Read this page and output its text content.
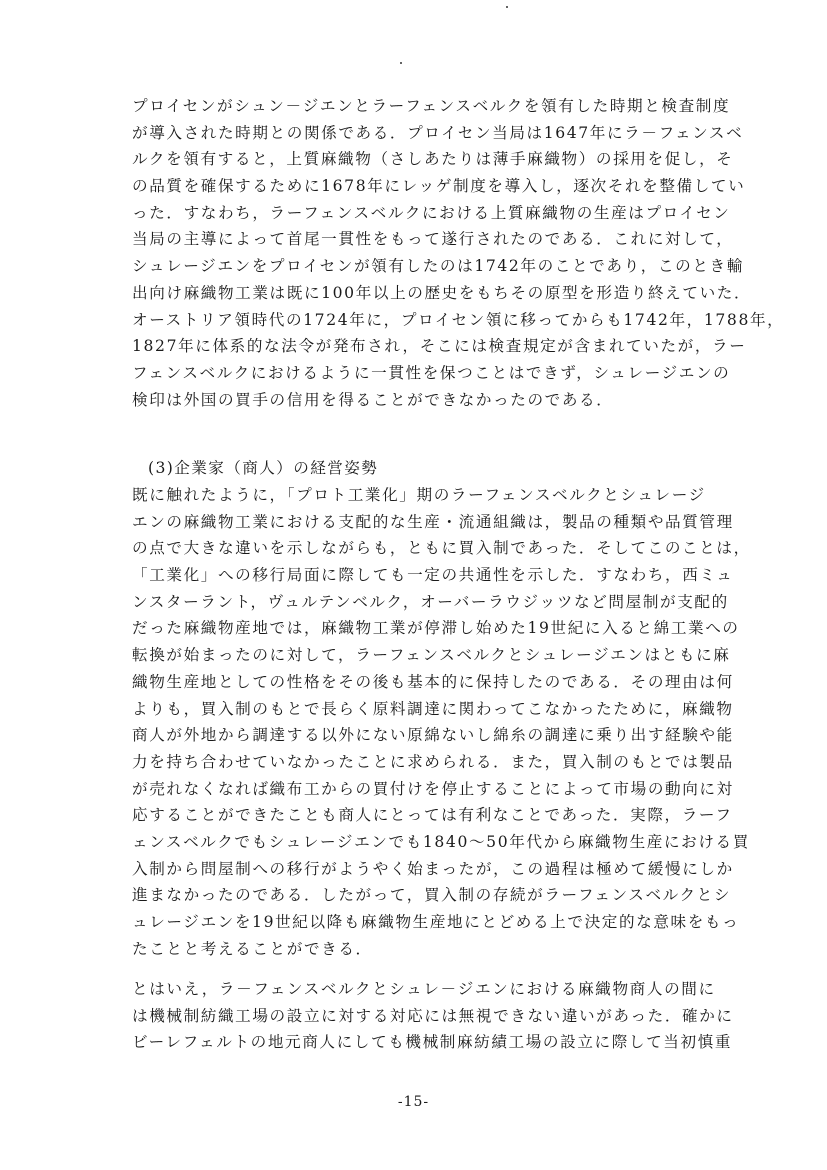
プロイセンがシュン－ジエンとラーフェンスベルクを領有した時期と検査制度
が導入された時期との関係である．プロイセン当局は1647年にラ－フェンスベ
ルクを領有すると，上質麻織物（さしあたりは薄手麻織物）の採用を促し，そ
の品質を確保するために1678年にレッゲ制度を導入し，逐次それを整備してい
った．すなわち，ラーフェンスベルクにおける上質麻織物の生産はプロイセン
当局の主導によって首尾一貫性をもって遂行されたのである．これに対して，
シュレージエンをプロイセンが領有したのは1742年のことであり，このとき輸
出向け麻織物工業は既に100年以上の歴史をもちその原型を形造り終えていた．
オーストリア領時代の1724年に，プロイセン領に移ってからも1742年，1788年，
1827年に体系的な法令が発布され，そこには検査規定が含まれていたが，ラー
フェンスベルクにおけるように一貫性を保つことはできず，シュレージエンの
検印は外国の買手の信用を得ることができなかったのである．
(3)企業家（商人）の経営姿勢
既に触れたように，「プロト工業化」期のラーフェンスベルクとシュレージ
エンの麻織物工業における支配的な生産・流通組織は，製品の種類や品質管理
の点で大きな違いを示しながらも，ともに買入制であった．そしてこのことは，
「工業化」への移行局面に際しても一定の共通性を示した．すなわち，西ミュ
ンスターラント，ヴュルテンベルク，オーバーラウジッツなど問屋制が支配的
だった麻織物産地では，麻織物工業が停滞し始めた19世紀に入ると綿工業への
転換が始まったのに対して，ラーフェンスベルクとシュレージエンはともに麻
織物生産地としての性格をその後も基本的に保持したのである．その理由は何
よりも，買入制のもとで長らく原料調達に関わってこなかったために，麻織物
商人が外地から調達する以外にない原綿ないし綿糸の調達に乗り出す経験や能
力を持ち合わせていなかったことに求められる．また，買入制のもとでは製品
が売れなくなれば織布工からの買付けを停止することによって市場の動向に対
応することができたことも商人にとっては有利なことであった．実際，ラーフ
ェンスベルクでもシュレージエンでも1840～50年代から麻織物生産における買
入制から問屋制への移行がようやく始まったが，この過程は極めて緩慢にしか
進まなかったのである．したがって，買入制の存続がラーフェンスベルクとシ
ュレージエンを19世紀以降も麻織物生産地にとどめる上で決定的な意味をもっ
たことと考えることができる．
とはいえ，ラ－フェンスベルクとシュレ－ジエンにおける麻織物商人の間に
は機械制紡織工場の設立に対する対応には無視できない違いがあった．確かに
ビーレフェルトの地元商人にしても機械制麻紡績工場の設立に際して当初慎重
-15-
